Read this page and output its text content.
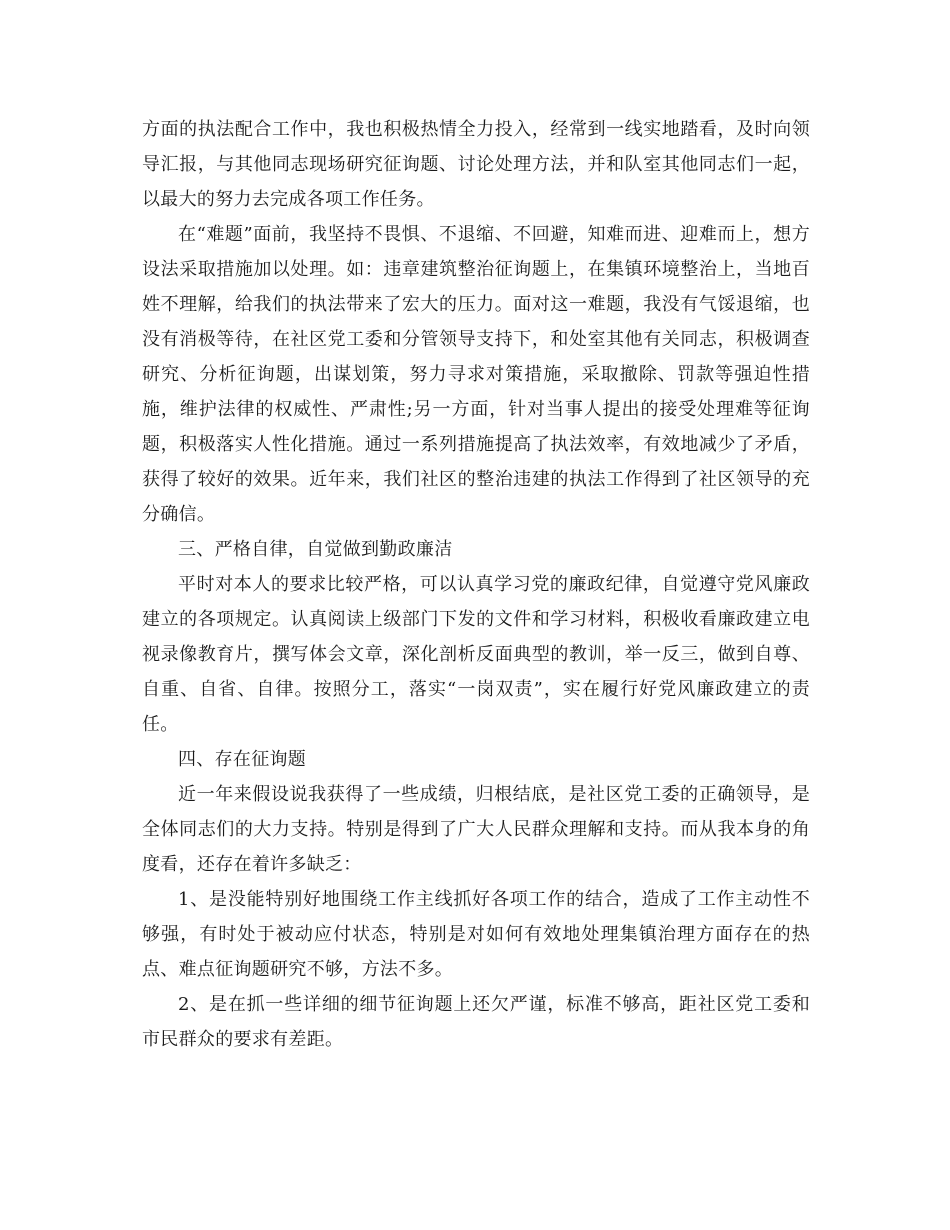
方面的执法配合工作中，我也积极热情全力投入，经常到一线实地踏看，及时向领导汇报，与其他同志现场研究征询题、讨论处理方法，并和队室其他同志们一起，以最大的努力去完成各项工作任务。

在“难题”面前，我坚持不畏惧、不退缩、不回避，知难而进、迎难而上，想方设法采取措施加以处理。如：违章建筑整治征询题上，在集镇环境整治上，当地百姓不理解，给我们的执法带来了宏大的压力。面对这一难题，我没有气馁退缩，也没有消极等待，在社区党工委和分管领导支持下，和处室其他有关同志，积极调查研究、分析征询题，出谋划策，努力寻求对策措施，采取撤除、罚款等强迫性措施，维护法律的权威性、严肃性;另一方面，针对当事人提出的接受处理难等征询题，积极落实人性化措施。通过一系列措施提高了执法效率，有效地减少了矛盾，获得了较好的效果。近年来，我们社区的整治违建的执法工作得到了社区领导的充分确信。

三、严格自律，自觉做到勤政廉洁

平时对本人的要求比较严格，可以认真学习党的廉政纪律，自觉遵守党风廉政建立的各项规定。认真阅读上级部门下发的文件和学习材料，积极收看廉政建立电视录像教育片，撰写体会文章，深化剖析反面典型的教训，举一反三，做到自尊、自重、自省、自律。按照分工，落实“一岗双责”，实在履行好党风廉政建立的责任。

四、存在征询题

近一年来假设说我获得了一些成绩，归根结底，是社区党工委的正确领导，是全体同志们的大力支持。特别是得到了广大人民群众理解和支持。而从我本身的角度看，还存在着许多缺乏：

1、是没能特别好地围绕工作主线抓好各项工作的结合，造成了工作主动性不够强，有时处于被动应付状态，特别是对如何有效地处理集镇治理方面存在的热点、难点征询题研究不够，方法不多。

2、是在抓一些详细的细节征询题上还欠严谨，标准不够高，距社区党工委和市民群众的要求有差距。
